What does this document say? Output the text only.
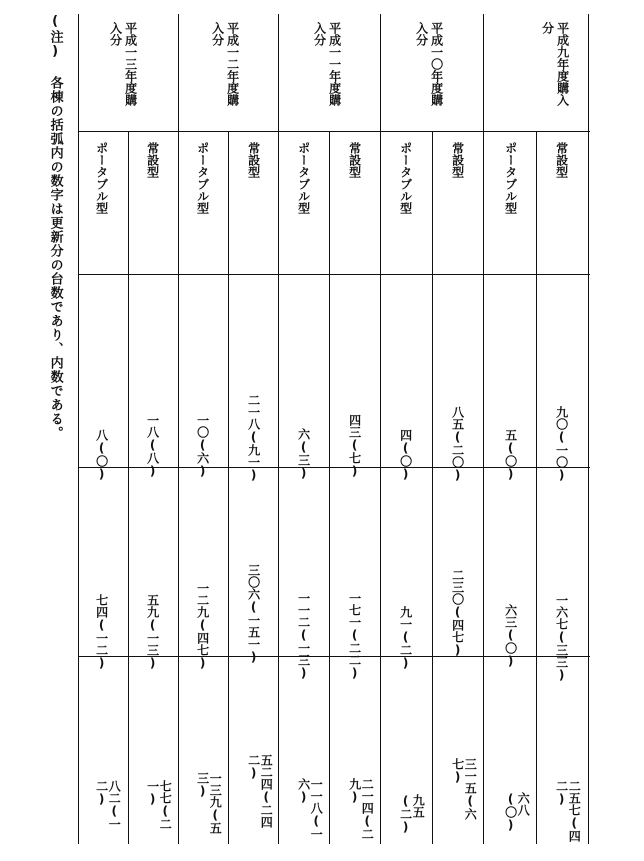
(注) 各棟の括弧内の数字は更新分の台数であり、内数である。	平成九年度購入
分
常設型
ポータブル型
九〇(一〇)
一六七(三三)
二五七(四二)
五(〇)
六三(〇)
六八(〇)
平成一〇年度購
入分
常設型
ポータブル型
八五(二〇)
二三〇(四七)
三一五(六七)
四(〇)
九一(二)
九五(二)
平成一一年度購
入分
常設型
ポータブル型
四三(七)
一七一(二二)
二一四(二九)
六(三)
一一二(一三)
一一八(一六)
平成一二年度購
入分
常設型
ポータブル型
二一八(九一)
三〇六(一五一)
五二四(二四二)
一〇(六)
一二九(四七)
一三九(五三)
平成一三年度購
入分
常設型
ポータブル型
一八(八)
五九(一三)
七七(二一)
八(〇)
七四(一二)
八二(一二)
